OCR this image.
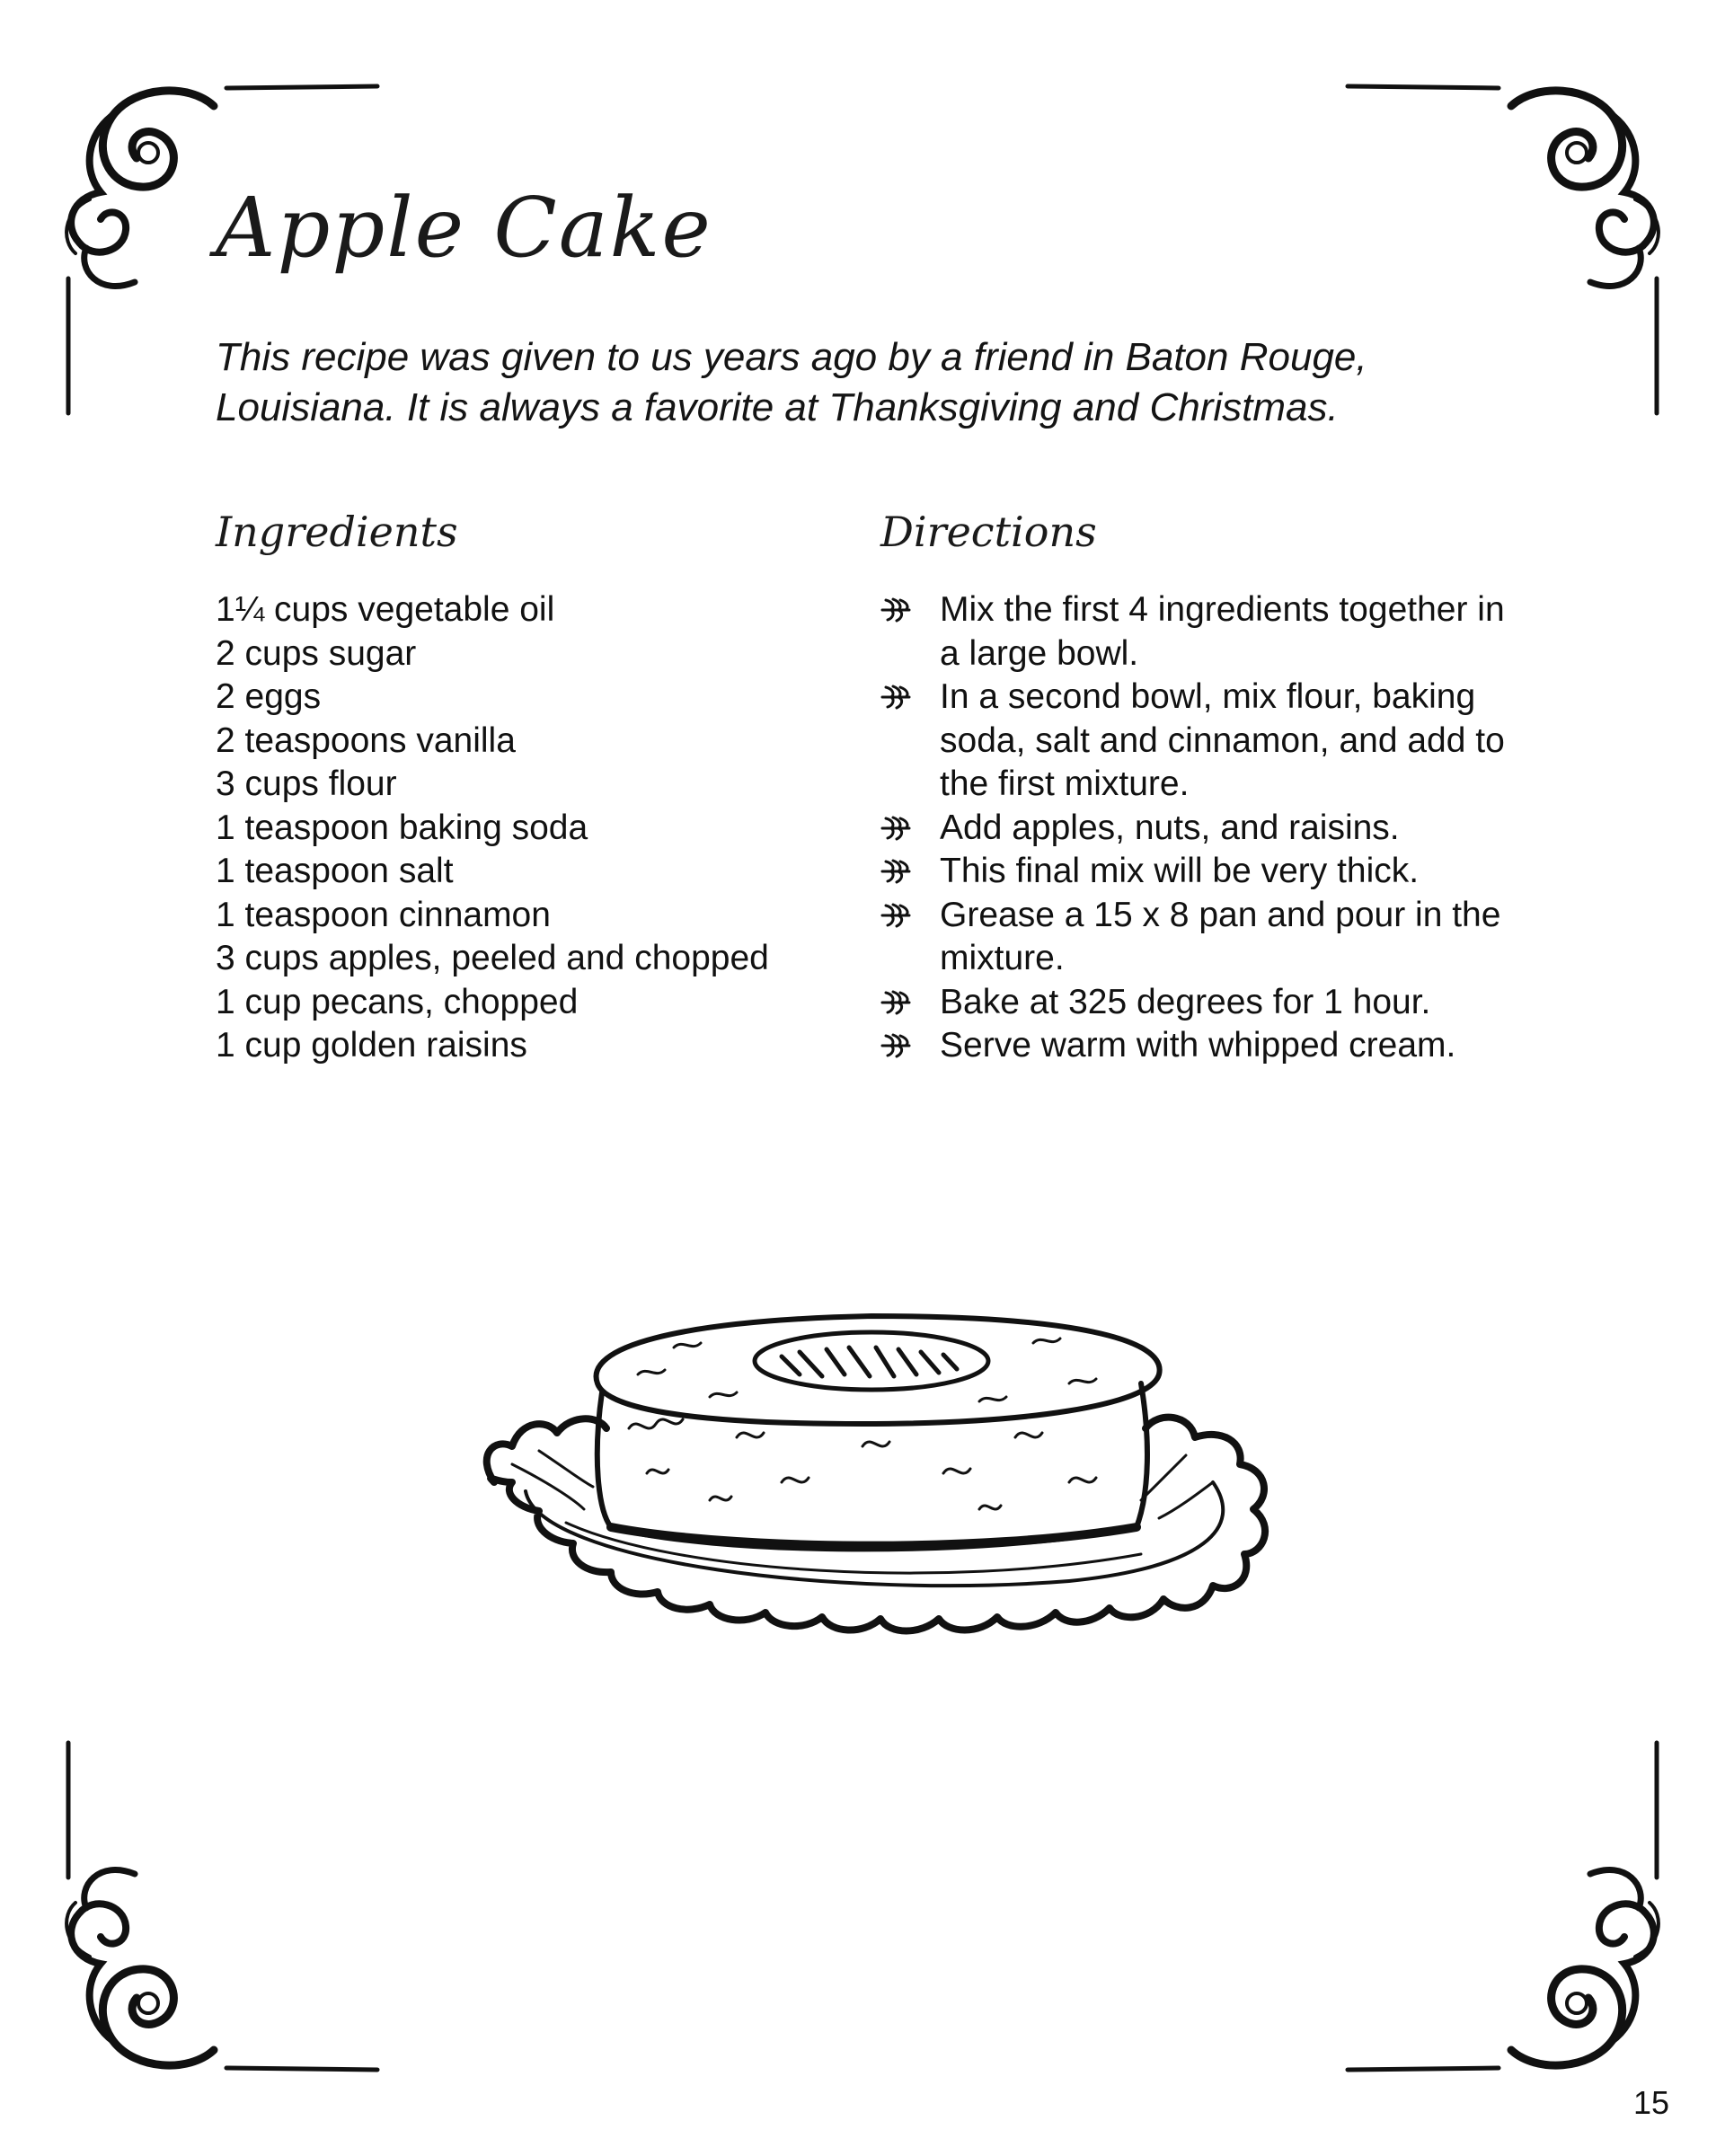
Apple Cake

This recipe was given to us years ago by a friend in Baton Rouge, Louisiana. It is always a favorite at Thanksgiving and Christmas.

Ingredients	Directions
1¼ cups vegetable oil
2 cups sugar
2 eggs
2 teaspoons vanilla
3 cups flour
1 teaspoon baking soda
1 teaspoon salt
1 teaspoon cinnamon
3 cups apples, peeled and chopped
1 cup pecans, chopped
1 cup golden raisins
Mix the first 4 ingredients together in a large bowl.
In a second bowl, mix flour, baking soda, salt and cinnamon, and add to the first mixture.
Add apples, nuts, and raisins.
This final mix will be very thick.
Grease a 15 x 8 pan and pour in the mixture.
Bake at 325 degrees for 1 hour.
Serve warm with whipped cream.
15
